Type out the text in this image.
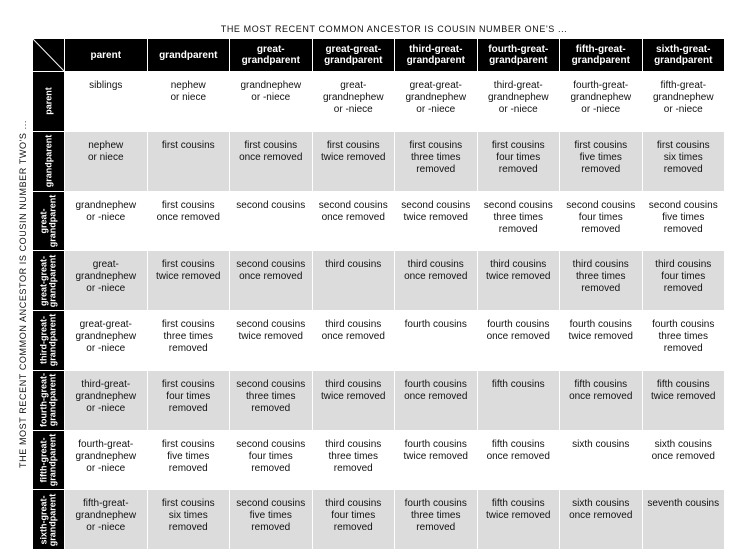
THE MOST RECENT COMMON ANCESTOR IS COUSIN NUMBER ONE'S ...
THE MOST RECENT COMMON ANCESTOR IS COUSIN NUMBER TWO'S ...
	parent	grandparent	great-
grandparent	great-great-
grandparent	third-great-
grandparent	fourth-great-
grandparent	fifth-great-
grandparent	sixth-great-
grandparent

parent	siblings	nephew
or niece	grandnephew
or -niece	great-
grandnephew
or -niece	great-great-
grandnephew
or -niece	third-great-
grandnephew
or -niece	fourth-great-
grandnephew
or -niece	fifth-great-
grandnephew
or -niece

grandparent	nephew
or niece	first cousins	first cousins
once removed	first cousins
twice removed	first cousins
three times
removed	first cousins
four times
removed	first cousins
five times
removed	first cousins
six times
removed

great-
grandparent	grandnephew
or -niece	first cousins
once removed	second cousins	second cousins
once removed	second cousins
twice removed	second cousins
three times
removed	second cousins
four times
removed	second cousins
five times
removed

great-great-
grandparent	great-
grandnephew
or -niece	first cousins
twice removed	second cousins
once removed	third cousins	third cousins
once removed	third cousins
twice removed	third cousins
three times
removed	third cousins
four times
removed

third-great-
grandparent	great-great-
grandnephew
or -niece	first cousins
three times
removed	second cousins
twice removed	third cousins
once removed	fourth cousins	fourth cousins
once removed	fourth cousins
twice removed	fourth cousins
three times
removed

fourth-great-
grandparent	third-great-
grandnephew
or -niece	first cousins
four times
removed	second cousins
three times
removed	third cousins
twice removed	fourth cousins
once removed	fifth cousins	fifth cousins
once removed	fifth cousins
twice removed

fifth-great-
grandparent	fourth-great-
grandnephew
or -niece	first cousins
five times
removed	second cousins
four times
removed	third cousins
three times
removed	fourth cousins
twice removed	fifth cousins
once removed	sixth cousins	sixth cousins
once removed

sixth-great-
grandparent	fifth-great-
grandnephew
or -niece	first cousins
six times
removed	second cousins
five times
removed	third cousins
four times
removed	fourth cousins
three times
removed	fifth cousins
twice removed	sixth cousins
once removed	seventh cousins
